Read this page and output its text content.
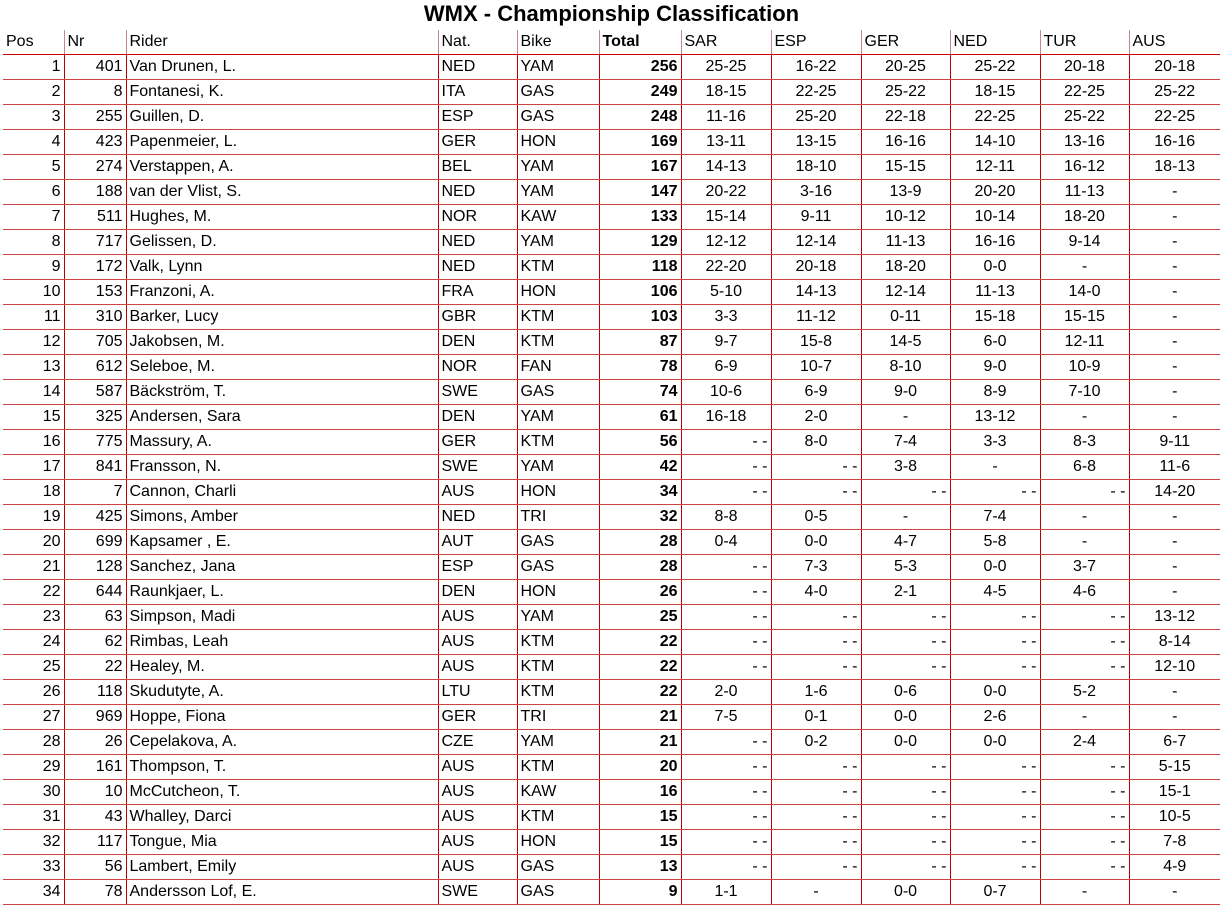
WMX - Championship Classification
Pos	Nr	Rider	Nat.	Bike	Total	SAR	ESP	GER	NED	TUR	AUS
1	401	Van Drunen, L.	NED	YAM	256	25-25	16-22	20-25	25-22	20-18	20-18
2	8	Fontanesi, K.	ITA	GAS	249	18-15	22-25	25-22	18-15	22-25	25-22
3	255	Guillen, D.	ESP	GAS	248	11-16	25-20	22-18	22-25	25-22	22-25
4	423	Papenmeier, L.	GER	HON	169	13-11	13-15	16-16	14-10	13-16	16-16
5	274	Verstappen, A.	BEL	YAM	167	14-13	18-10	15-15	12-11	16-12	18-13
6	188	van der Vlist, S.	NED	YAM	147	20-22	3-16	13-9	20-20	11-13	-
7	511	Hughes, M.	NOR	KAW	133	15-14	9-11	10-12	10-14	18-20	-
8	717	Gelissen, D.	NED	YAM	129	12-12	12-14	11-13	16-16	9-14	-
9	172	Valk, Lynn	NED	KTM	118	22-20	20-18	18-20	0-0	-	-
10	153	Franzoni, A.	FRA	HON	106	5-10	14-13	12-14	11-13	14-0	-
11	310	Barker, Lucy	GBR	KTM	103	3-3	11-12	0-11	15-18	15-15	-
12	705	Jakobsen, M.	DEN	KTM	87	9-7	15-8	14-5	6-0	12-11	-
13	612	Seleboe, M.	NOR	FAN	78	6-9	10-7	8-10	9-0	10-9	-
14	587	Bäckström, T.	SWE	GAS	74	10-6	6-9	9-0	8-9	7-10	-
15	325	Andersen, Sara	DEN	YAM	61	16-18	2-0	-	13-12	-	-
16	775	Massury, A.	GER	KTM	56	- -	8-0	7-4	3-3	8-3	9-11
17	841	Fransson, N.	SWE	YAM	42	- -	- -	3-8	-	6-8	11-6
18	7	Cannon, Charli	AUS	HON	34	- -	- -	- -	- -	- -	14-20
19	425	Simons, Amber	NED	TRI	32	8-8	0-5	-	7-4	-	-
20	699	Kapsamer , E.	AUT	GAS	28	0-4	0-0	4-7	5-8	-	-
21	128	Sanchez, Jana	ESP	GAS	28	- -	7-3	5-3	0-0	3-7	-
22	644	Raunkjaer, L.	DEN	HON	26	- -	4-0	2-1	4-5	4-6	-
23	63	Simpson, Madi	AUS	YAM	25	- -	- -	- -	- -	- -	13-12
24	62	Rimbas, Leah	AUS	KTM	22	- -	- -	- -	- -	- -	8-14
25	22	Healey, M.	AUS	KTM	22	- -	- -	- -	- -	- -	12-10
26	118	Skudutyte, A.	LTU	KTM	22	2-0	1-6	0-6	0-0	5-2	-
27	969	Hoppe, Fiona	GER	TRI	21	7-5	0-1	0-0	2-6	-	-
28	26	Cepelakova, A.	CZE	YAM	21	- -	0-2	0-0	0-0	2-4	6-7
29	161	Thompson, T.	AUS	KTM	20	- -	- -	- -	- -	- -	5-15
30	10	McCutcheon, T.	AUS	KAW	16	- -	- -	- -	- -	- -	15-1
31	43	Whalley, Darci	AUS	KTM	15	- -	- -	- -	- -	- -	10-5
32	117	Tongue, Mia	AUS	HON	15	- -	- -	- -	- -	- -	7-8
33	56	Lambert, Emily	AUS	GAS	13	- -	- -	- -	- -	- -	4-9
34	78	Andersson Lof, E.	SWE	GAS	9	1-1	-	0-0	0-7	-	-
